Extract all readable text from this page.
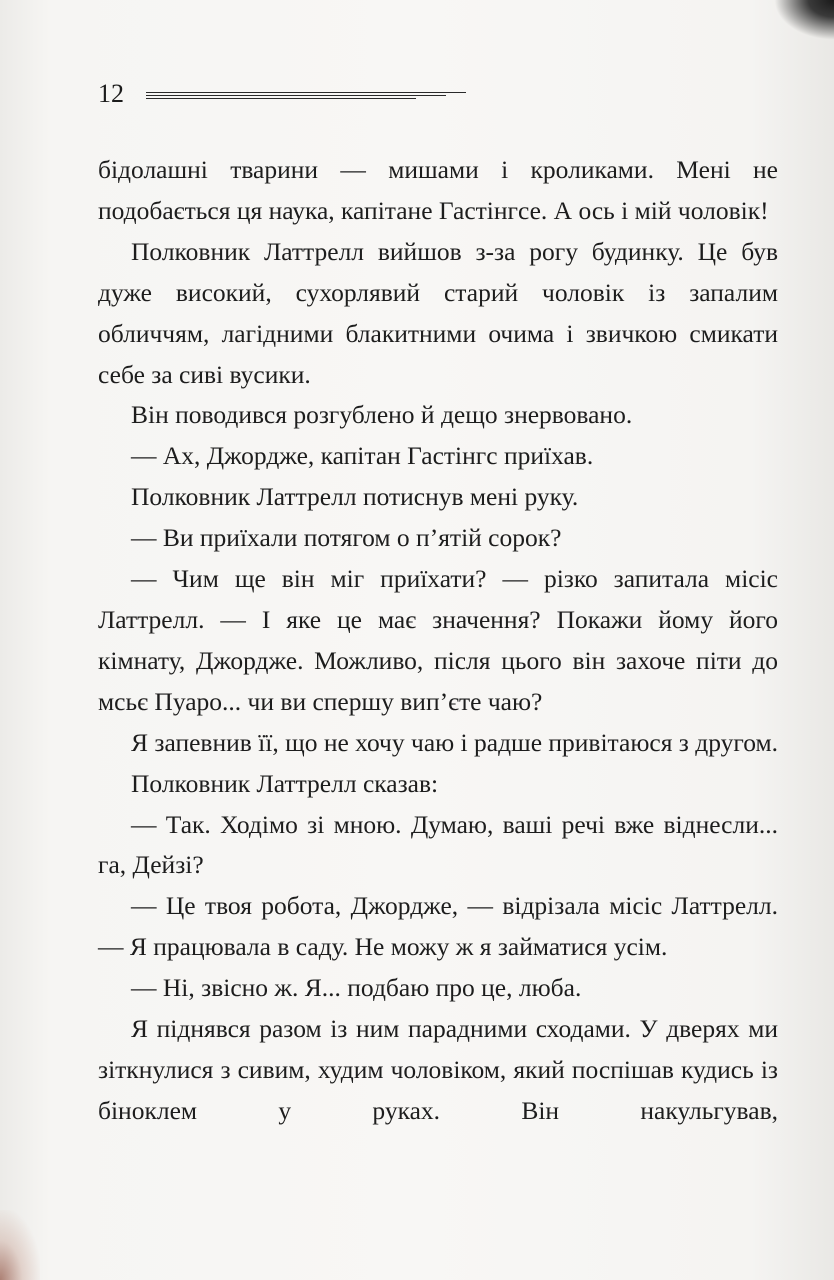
12

бідолашні тварини — мишами і кроликами. Мені не подобається ця наука, капітане Гастінгсе. А ось і мій чоловік!

Полковник Латтрелл вийшов з-за рогу будинку. Це був дуже високий, сухорлявий старий чоловік із запалим обличчям, лагідними блакитними очима і звичкою смикати себе за сиві вусики.

Він поводився розгублено й дещо знервовано.

— Ах, Джордже, капітан Гастінгс приїхав.

Полковник Латтрелл потиснув мені руку.

— Ви приїхали потягом о п’ятій сорок?

— Чим ще він міг приїхати? — різко запитала місіс Латтрелл. — І яке це має значення? Покажи йому його кімнату, Джордже. Можливо, після цього він захоче піти до мсьє Пуаро... чи ви спершу вип’єте чаю?

Я запевнив її, що не хочу чаю і радше привітаюся з другом.

Полковник Латтрелл сказав:

— Так. Ходімо зі мною. Думаю, ваші речі вже віднесли... га, Дейзі?

— Це твоя робота, Джордже, — відрізала місіс Латтрелл. — Я працювала в саду. Не можу ж я займатися усім.

— Ні, звісно ж. Я... подбаю про це, люба.

Я піднявся разом із ним парадними сходами. У дверях ми зіткнулися з сивим, худим чоловіком, який поспішав кудись із біноклем у руках. Він накульгував,
